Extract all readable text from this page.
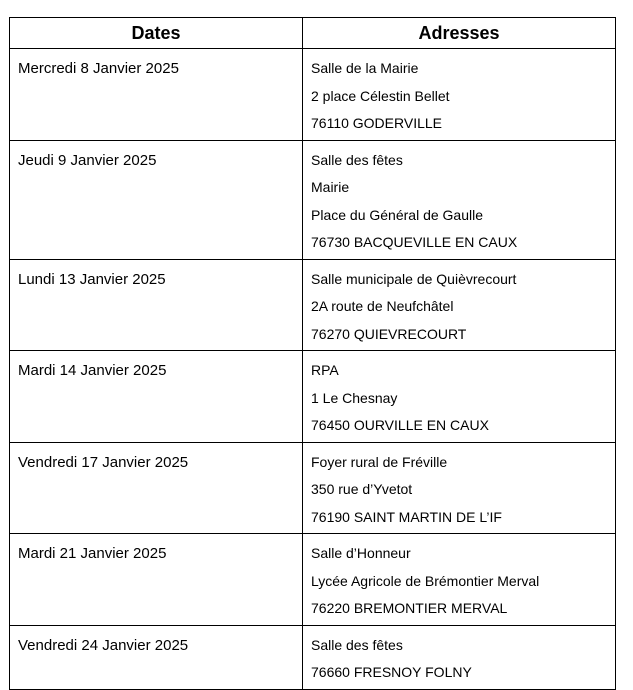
Dates	Adresses
Mercredi 8 Janvier 2025	Salle de la Mairie
2 place Célestin Bellet
76110 GODERVILLE

Jeudi 9 Janvier 2025	Salle des fêtes
Mairie
Place du Général de Gaulle
76730 BACQUEVILLE EN CAUX

Lundi 13 Janvier 2025	Salle municipale de Quièvrecourt
2A route de Neufchâtel
76270 QUIEVRECOURT

Mardi 14 Janvier 2025	RPA
1 Le Chesnay
76450 OURVILLE EN CAUX

Vendredi 17 Janvier 2025	Foyer rural de Fréville
350 rue d’Yvetot
76190 SAINT MARTIN DE L’IF

Mardi 21 Janvier 2025	Salle d’Honneur
Lycée Agricole de Brémontier Merval
76220 BREMONTIER MERVAL

Vendredi 24 Janvier 2025	Salle des fêtes
76660 FRESNOY FOLNY
